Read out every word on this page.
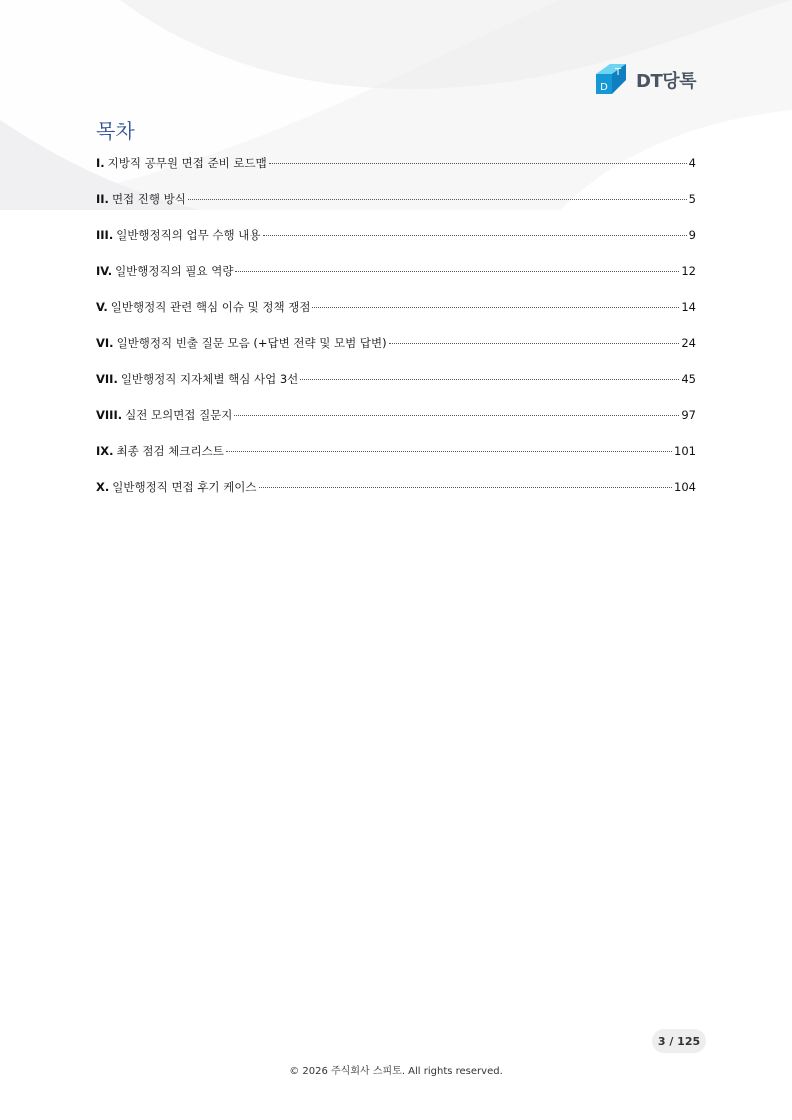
T
D DT당톡
목차
I. 지방직 공무원 면접 준비 로드맵	4
II. 면접 진행 방식	5
III. 일반행정직의 업무 수행 내용	9
IV. 일반행정직의 필요 역량	12
V. 일반행정직 관련 핵심 이슈 및 정책 쟁점	14
VI. 일반행정직 빈출 질문 모음 (+답변 전략 및 모범 답변)	24
VII. 일반행정직 지자체별 핵심 사업 3선	45
VIII. 실전 모의면접 질문지	97
IX. 최종 점검 체크리스트	101
X. 일반행정직 면접 후기 케이스	104
3 / 125
© 2026 주식회사 스피토. All rights reserved.
